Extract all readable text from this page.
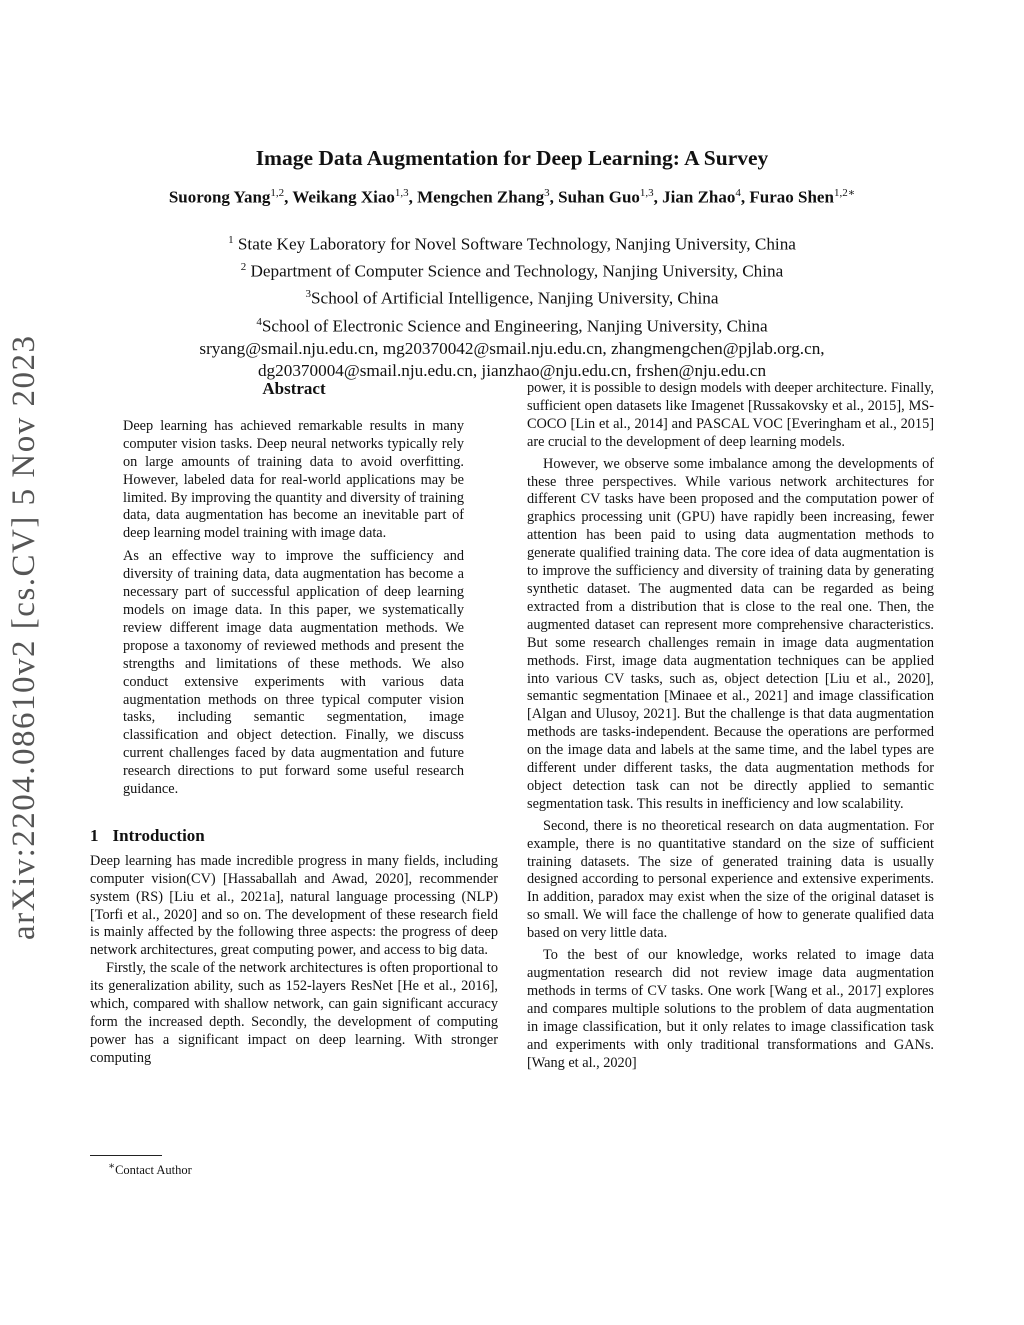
arXiv:2204.08610v2 [cs.CV] 5 Nov 2023
Image Data Augmentation for Deep Learning: A Survey
Suorong Yang$^{1,2}$, Weikang Xiao$^{1,3}$, Mengchen Zhang$^3$, Suhan Guo$^{1,3}$, Jian Zhao$^4$, Furao Shen$^{1,2∗}$
$^1$ State Key Laboratory for Novel Software Technology, Nanjing University, China
$^2$ Department of Computer Science and Technology, Nanjing University, China
$^3$School of Artificial Intelligence, Nanjing University, China
$^4$School of Electronic Science and Engineering, Nanjing University, China
sryang@smail.nju.edu.cn, mg20370042@smail.nju.edu.cn, zhangmengchen@pjlab.org.cn,
dg20370004@smail.nju.edu.cn, jianzhao@nju.edu.cn, frshen@nju.edu.cn
Abstract

Deep learning has achieved remarkable results in many computer vision tasks. Deep neural networks typically rely on large amounts of training data to avoid overfitting. However, labeled data for real-world applications may be limited. By improving the quantity and diversity of training data, data augmentation has become an inevitable part of deep learning model training with image data.

As an effective way to improve the sufficiency and diversity of training data, data augmentation has become a necessary part of successful application of deep learning models on image data. In this paper, we systematically review different image data augmentation methods. We propose a taxonomy of reviewed methods and present the strengths and limitations of these methods. We also conduct extensive experiments with various data augmentation methods on three typical computer vision tasks, including semantic segmentation, image classification and object detection. Finally, we discuss current challenges faced by data augmentation and future research directions to put forward some useful research guidance.

1 Introduction

Deep learning has made incredible progress in many fields, including computer vision(CV) [Hassaballah and Awad, 2020], recommender system (RS) [Liu et al., 2021a], natural language processing (NLP) [Torfi et al., 2020] and so on. The development of these research field is mainly affected by the following three aspects: the progress of deep network architectures, great computing power, and access to big data.

Firstly, the scale of the network architectures is often proportional to its generalization ability, such as 152-layers ResNet [He et al., 2016], which, compared with shallow network, can gain significant accuracy form the increased depth. Secondly, the development of computing power has a significant impact on deep learning. With stronger computing

power, it is possible to design models with deeper architecture. Finally, sufficient open datasets like Imagenet [Russakovsky et al., 2015], MS-COCO [Lin et al., 2014] and PASCAL VOC [Everingham et al., 2015] are crucial to the development of deep learning models.

However, we observe some imbalance among the developments of these three perspectives. While various network architectures for different CV tasks have been proposed and the computation power of graphics processing unit (GPU) have rapidly been increasing, fewer attention has been paid to using data augmentation methods to generate qualified training data. The core idea of data augmentation is to improve the sufficiency and diversity of training data by generating synthetic dataset. The augmented data can be regarded as being extracted from a distribution that is close to the real one. Then, the augmented dataset can represent more comprehensive characteristics. But some research challenges remain in image data augmentation methods. First, image data augmentation techniques can be applied into various CV tasks, such as, object detection [Liu et al., 2020], semantic segmentation [Minaee et al., 2021] and image classification [Algan and Ulusoy, 2021]. But the challenge is that data augmentation methods are tasks-independent. Because the operations are performed on the image data and labels at the same time, and the label types are different under different tasks, the data augmentation methods for object detection task can not be directly applied to semantic segmentation task. This results in inefficiency and low scalability.

Second, there is no theoretical research on data augmentation. For example, there is no quantitative standard on the size of sufficient training datasets. The size of generated training data is usually designed according to personal experience and extensive experiments. In addition, paradox may exist when the size of the original dataset is so small. We will face the challenge of how to generate qualified data based on very little data.

To the best of our knowledge, works related to image data augmentation research did not review image data augmentation methods in terms of CV tasks. One work [Wang et al., 2017] explores and compares multiple solutions to the problem of data augmentation in image classification, but it only relates to image classification task and experiments with only traditional transformations and GANs. [Wang et al., 2020]

∗Contact Author
